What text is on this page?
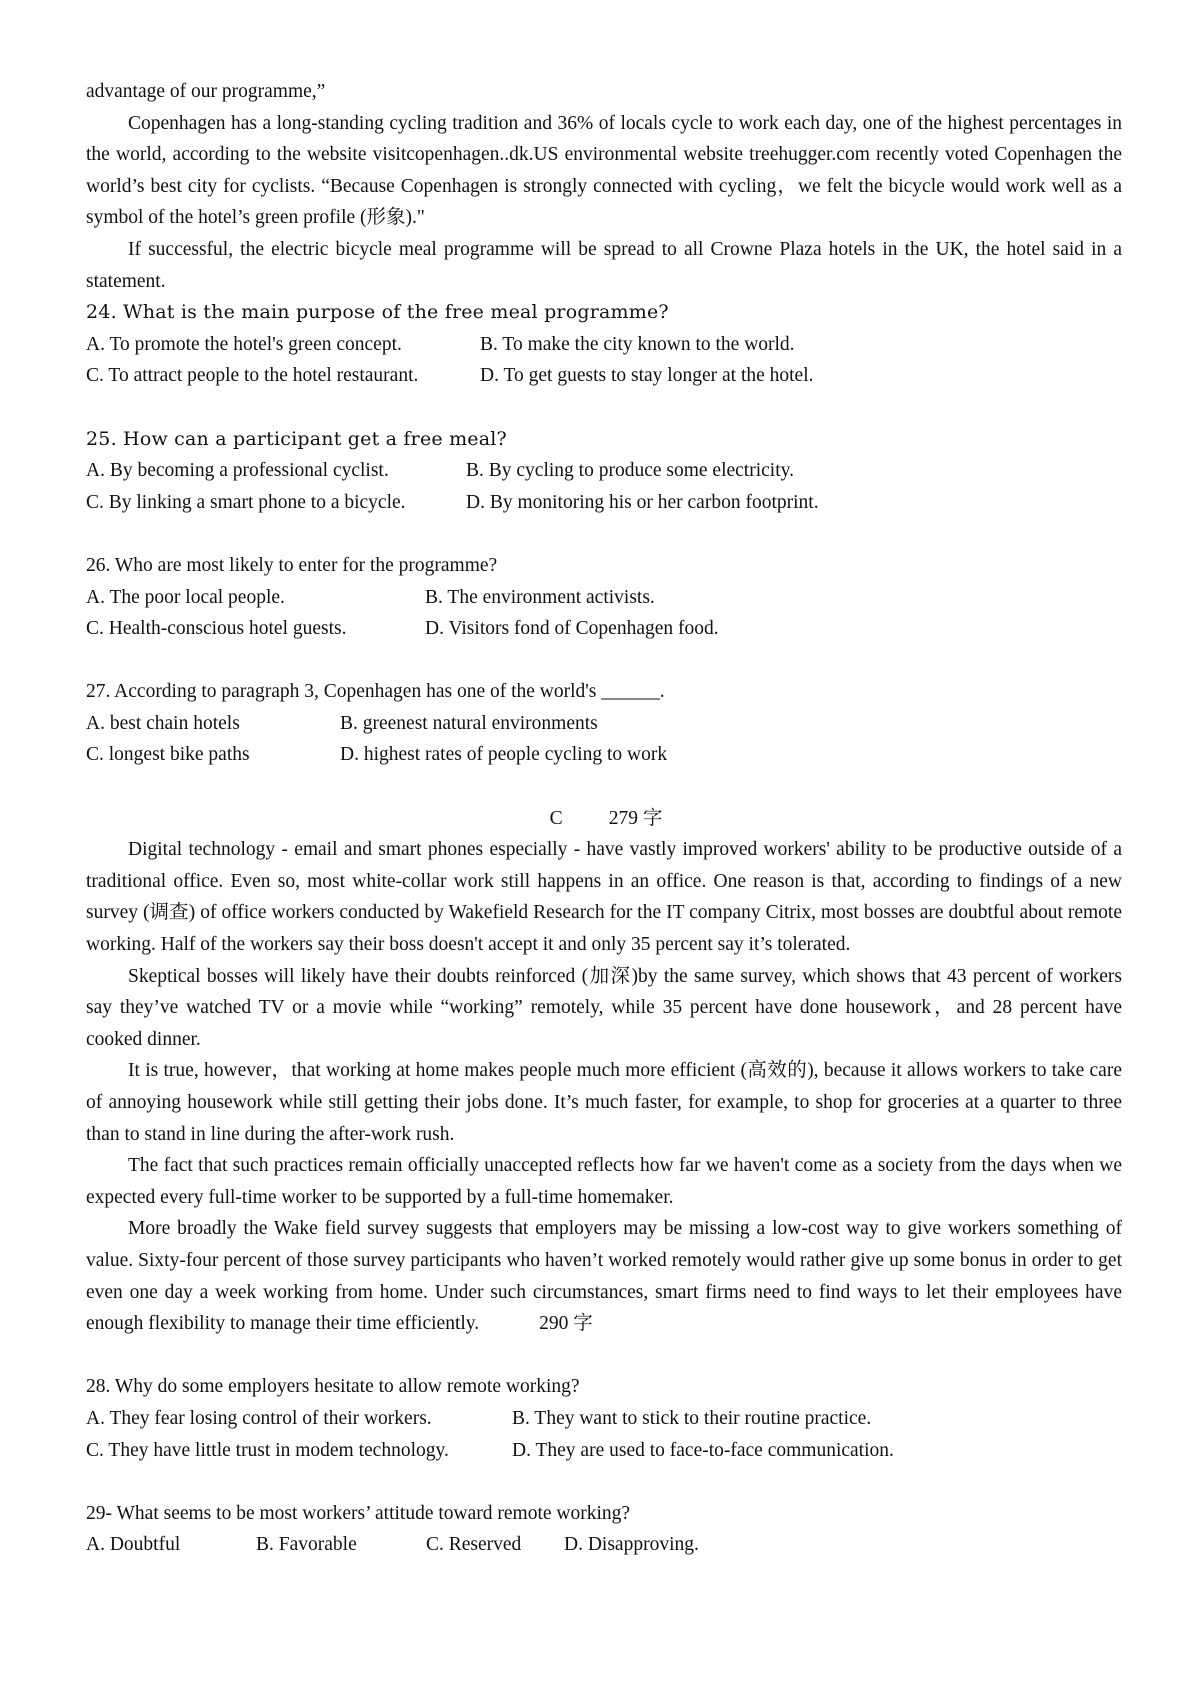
advantage of our programme,”

Copenhagen has a long-standing cycling tradition and 36% of locals cycle to work each day, one of the highest percentages in the world, according to the website visitcopenhagen..dk.US environmental website treehugger.com recently voted Copenhagen the world’s best city for cyclists. “Because Copenhagen is strongly connected with cycling，we felt the bicycle would work well as a symbol of the hotel’s green profile (形象)."

If successful, the electric bicycle meal programme will be spread to all Crowne Plaza hotels in the UK, the hotel said in a statement.

24. What is the main purpose of the free meal programme?

A. To promote the hotel's green concept.	B. To make the city known to the world.
C. To attract people to the hotel restaurant.	D. To get guests to stay longer at the hotel.

25. How can a participant get a free meal?

A. By becoming a professional cyclist.	B. By cycling to produce some electricity.
C. By linking a smart phone to a bicycle.	D. By monitoring his or her carbon footprint.

26. Who are most likely to enter for the programme?

A. The poor local people.	B. The environment activists.
C. Health-conscious hotel guests.	D. Visitors fond of Copenhagen food.

27. According to paragraph 3, Copenhagen has one of the world's ______.

A. best chain hotels	B. greenest natural environments
C. longest bike paths	D. highest rates of people cycling to work

C 279 字

Digital technology - email and smart phones especially - have vastly improved workers' ability to be productive outside of a traditional office. Even so, most white-collar work still happens in an office. One reason is that, according to findings of a new survey (调查) of office workers conducted by Wakefield Research for the IT company Citrix, most bosses are doubtful about remote working. Half of the workers say their boss doesn't accept it and only 35 percent say it’s tolerated.

Skeptical bosses will likely have their doubts reinforced (加深)by the same survey, which shows that 43 percent of workers say they’ve watched TV or a movie while “working” remotely, while 35 percent have done housework，and 28 percent have cooked dinner.

It is true, however，that working at home makes people much more efficient (高效的), because it allows workers to take care of annoying housework while still getting their jobs done. It’s much faster, for example, to shop for groceries at a quarter to three than to stand in line during the after-work rush.

The fact that such practices remain officially unaccepted reflects how far we haven't come as a society from the days when we expected every full-time worker to be supported by a full-time homemaker.

More broadly the Wake field survey suggests that employers may be missing a low-cost way to give workers something of value. Sixty-four percent of those survey participants who haven’t worked remotely would rather give up some bonus in order to get even one day a week working from home. Under such circumstances, smart firms need to find ways to let their employees have enough flexibility to manage their time efficiently.	290 字

28. Why do some employers hesitate to allow remote working?

A. They fear losing control of their workers.	B. They want to stick to their routine practice.
C. They have little trust in modem technology.	D. They are used to face-to-face communication.

29- What seems to be most workers’ attitude toward remote working?

A. Doubtful	B. Favorable	C. Reserved	D. Disapproving.
